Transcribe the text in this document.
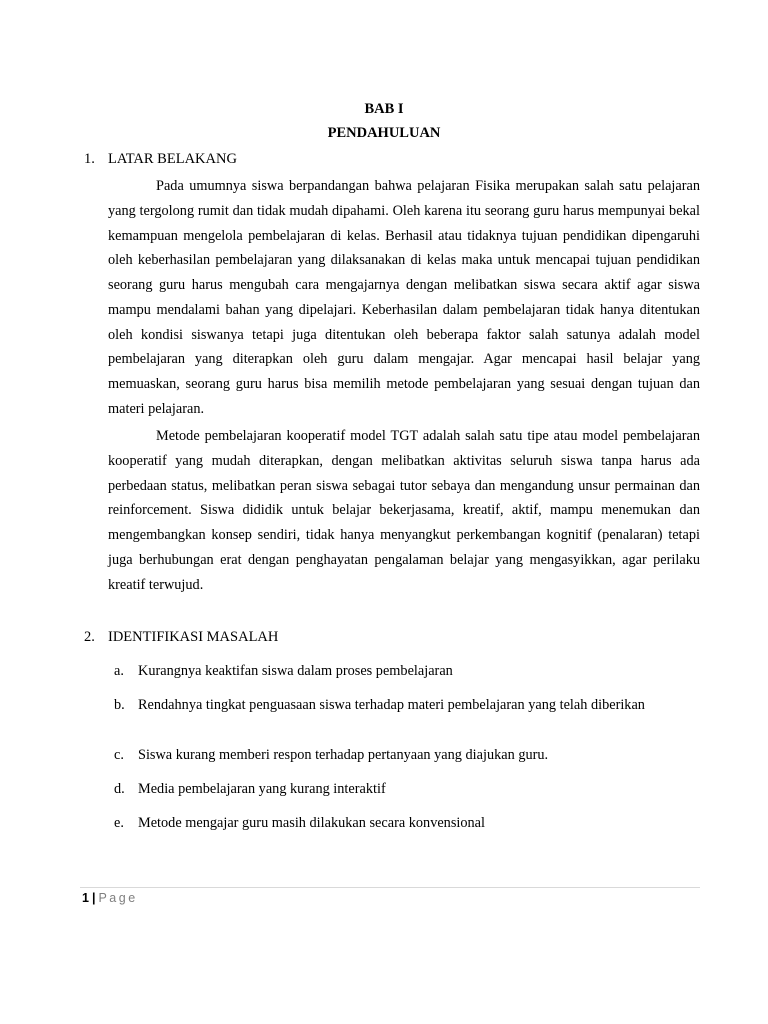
BAB I
PENDAHULUAN
1. LATAR BELAKANG

Pada umumnya siswa berpandangan bahwa pelajaran Fisika merupakan salah satu pelajaran yang tergolong rumit dan tidak mudah dipahami. Oleh karena itu seorang guru harus mempunyai bekal kemampuan mengelola pembelajaran di kelas. Berhasil atau tidaknya tujuan pendidikan dipengaruhi oleh keberhasilan pembelajaran yang dilaksanakan di kelas maka untuk mencapai tujuan pendidikan seorang guru harus mengubah cara mengajarnya dengan melibatkan siswa secara aktif agar siswa mampu mendalami bahan yang dipelajari. Keberhasilan dalam pembelajaran tidak hanya ditentukan oleh kondisi siswanya tetapi juga ditentukan oleh beberapa faktor salah satunya adalah model pembelajaran yang diterapkan oleh guru dalam mengajar. Agar mencapai hasil belajar yang memuaskan, seorang guru harus bisa memilih metode pembelajaran yang sesuai dengan tujuan dan materi pelajaran.

Metode pembelajaran kooperatif model TGT adalah salah satu tipe atau model pembelajaran kooperatif yang mudah diterapkan, dengan melibatkan aktivitas seluruh siswa tanpa harus ada perbedaan status, melibatkan peran siswa sebagai tutor sebaya dan mengandung unsur permainan dan reinforcement. Siswa dididik untuk belajar bekerjasama, kreatif, aktif, mampu menemukan dan mengembangkan konsep sendiri, tidak hanya menyangkut perkembangan kognitif (penalaran) tetapi juga berhubungan erat dengan penghayatan pengalaman belajar yang mengasyikkan, agar perilaku kreatif terwujud.

2. IDENTIFIKASI MASALAH
a. Kurangnya keaktifan siswa dalam proses pembelajaran
b. Rendahnya tingkat penguasaan siswa terhadap materi pembelajaran yang telah diberikan
c. Siswa kurang memberi respon terhadap pertanyaan yang diajukan guru.
d. Media pembelajaran yang kurang interaktif
e. Metode mengajar guru masih dilakukan secara konvensional
1 | Page
